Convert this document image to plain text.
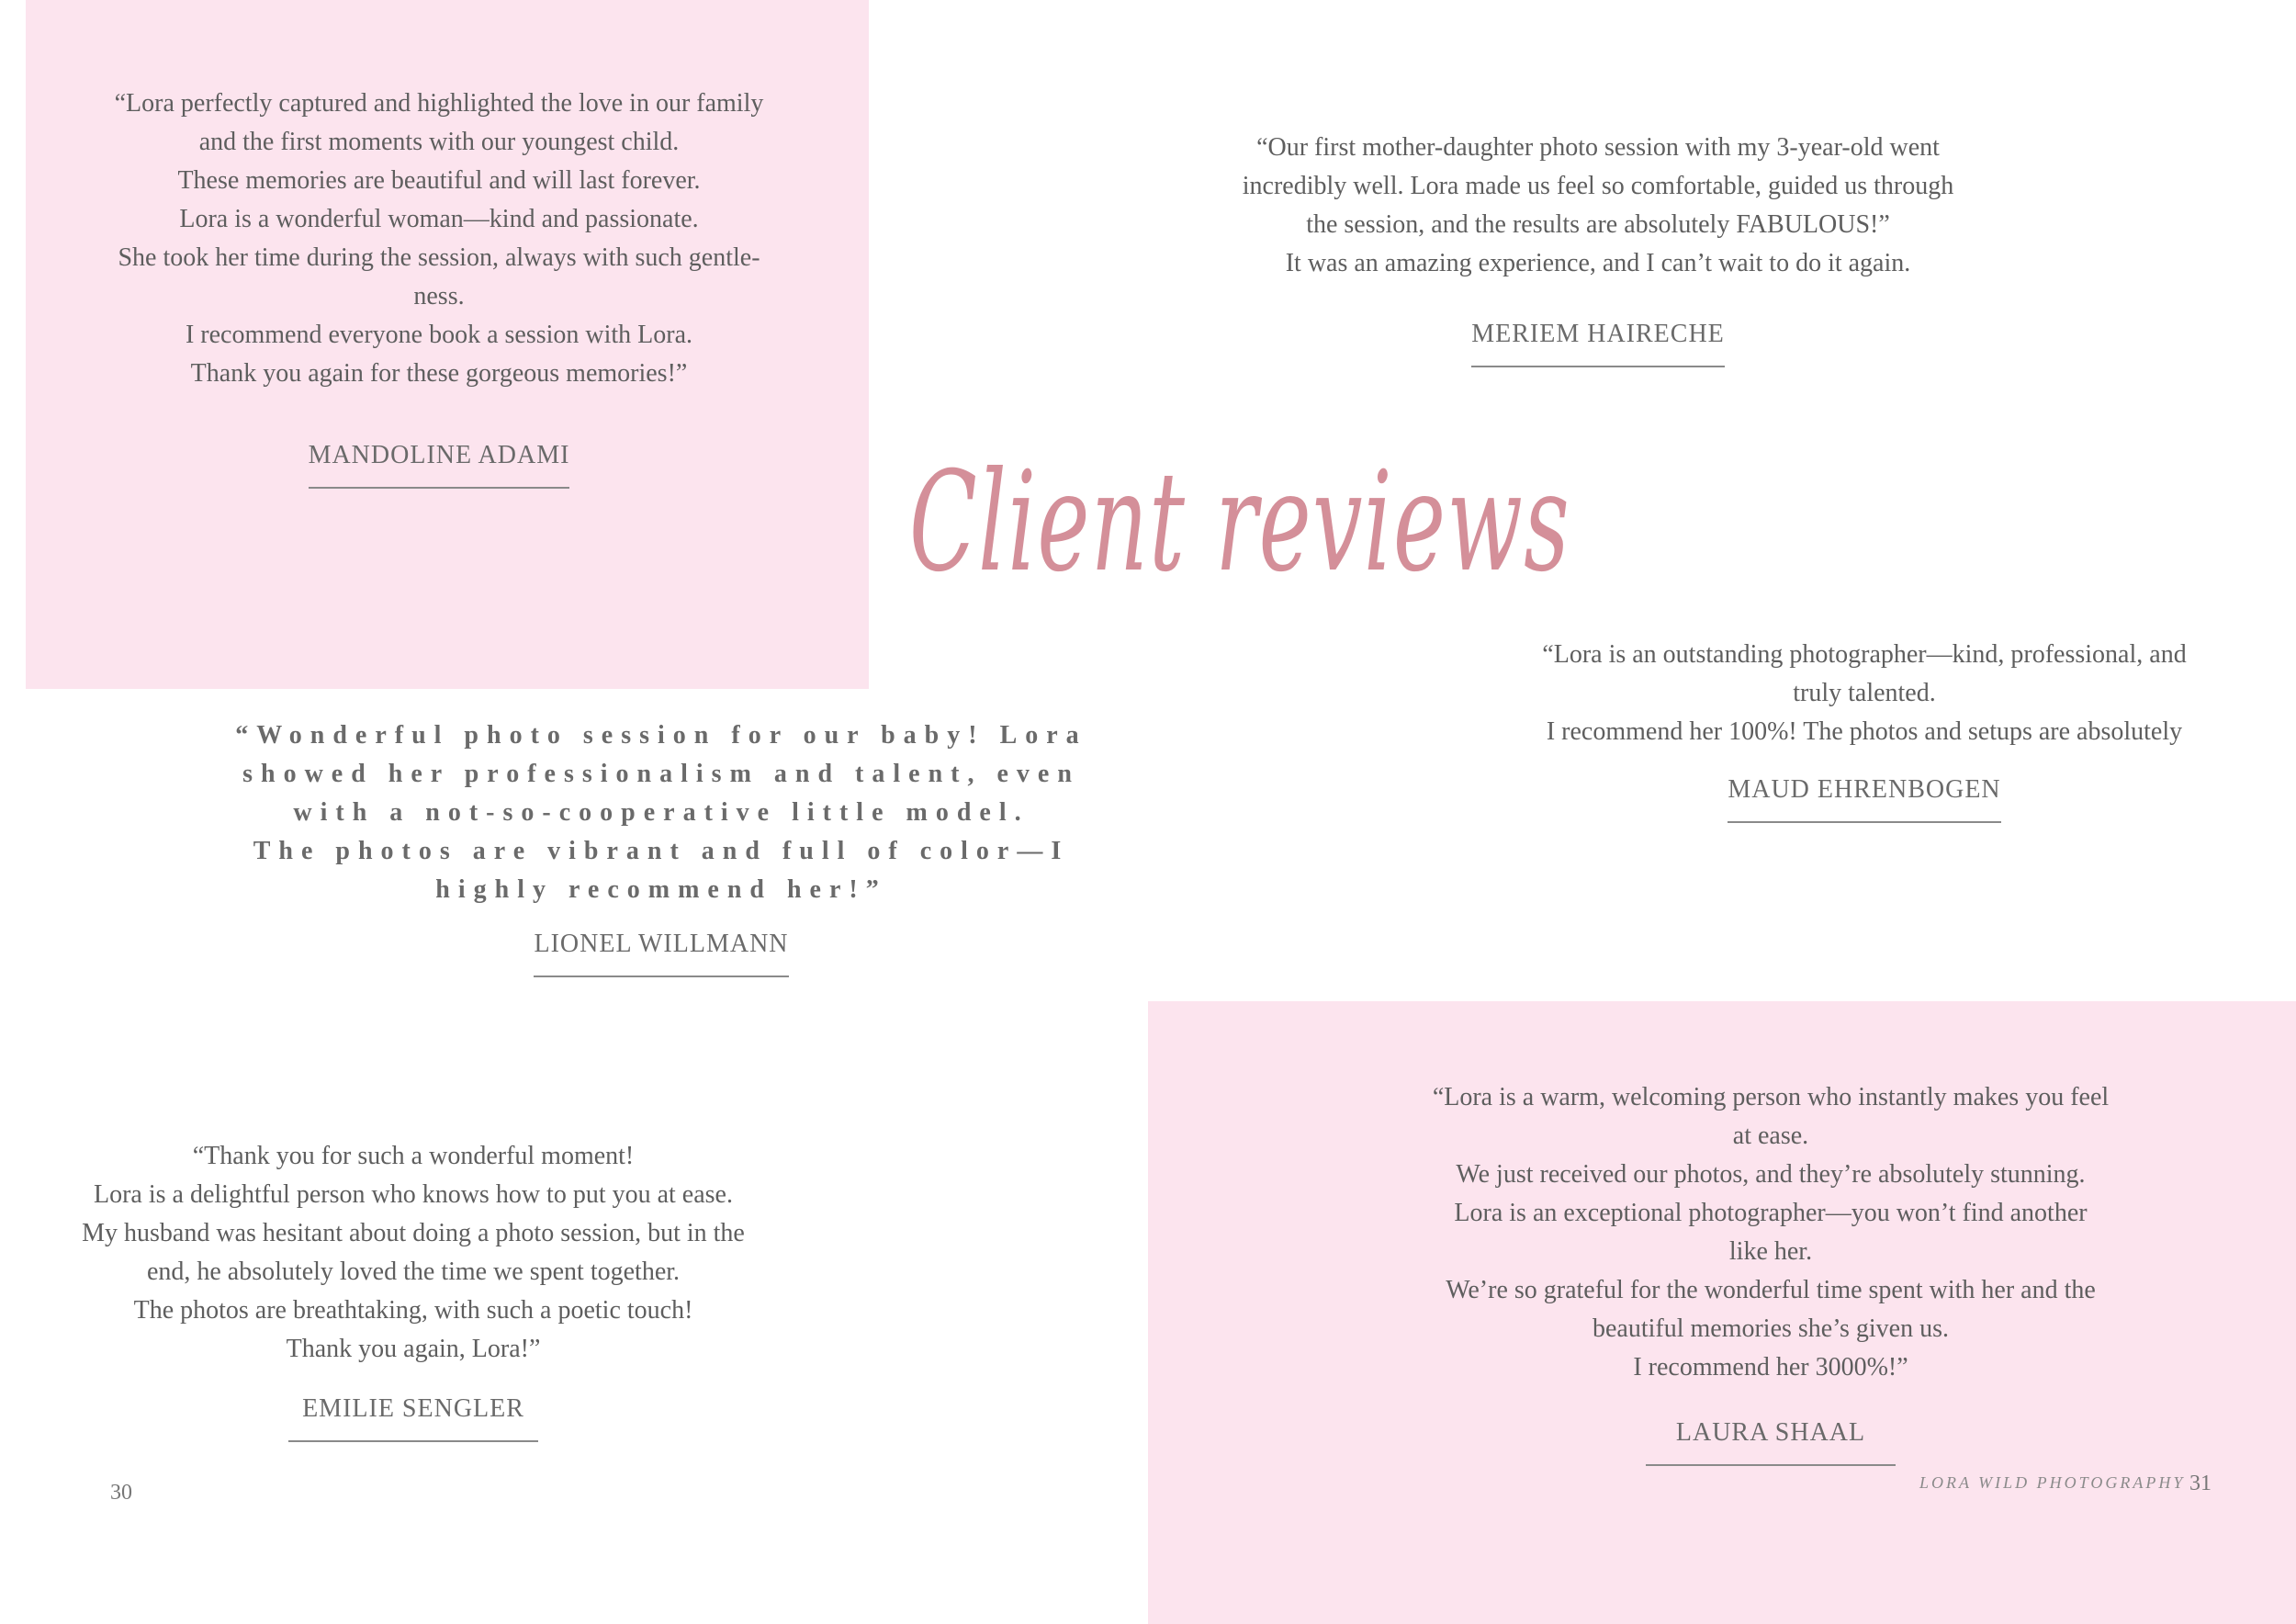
“Lora perfectly captured and highlighted the love in our family
and the first moments with our youngest child.
These memories are beautiful and will last forever.
Lora is a wonderful woman—kind and passionate.
She took her time during the session, always with such gentle-
ness.
I recommend everyone book a session with Lora.
Thank you again for these gorgeous memories!”
MANDOLINE ADAMI
“Our first mother-daughter photo session with my 3-year-old went
incredibly well. Lora made us feel so comfortable, guided us through
the session, and the results are absolutely FABULOUS!”
It was an amazing experience, and I can’t wait to do it again.
MERIEM HAIRECHE
Client reviews
“Lora is an outstanding photographer—kind, professional, and
truly talented.
I recommend her 100%! The photos and setups are absolutely
MAUD EHRENBOGEN
“Wonderful photo session for our baby! Lora
showed her professionalism and talent, even
with a not-so-cooperative little model.
The photos are vibrant and full of color—I
highly recommend her!”
LIONEL WILLMANN
“Thank you for such a wonderful moment!
Lora is a delightful person who knows how to put you at ease.
My husband was hesitant about doing a photo session, but in the
end, he absolutely loved the time we spent together.
The photos are breathtaking, with such a poetic touch!
Thank you again, Lora!”
EMILIE SENGLER
“Lora is a warm, welcoming person who instantly makes you feel
at ease.
We just received our photos, and they’re absolutely stunning.
Lora is an exceptional photographer—you won’t find another
like her.
We’re so grateful for the wonderful time spent with her and the
beautiful memories she’s given us.
I recommend her 3000%!”
LAURA SHAAL
30	LORA WILD PHOTOGRAPHY 31
